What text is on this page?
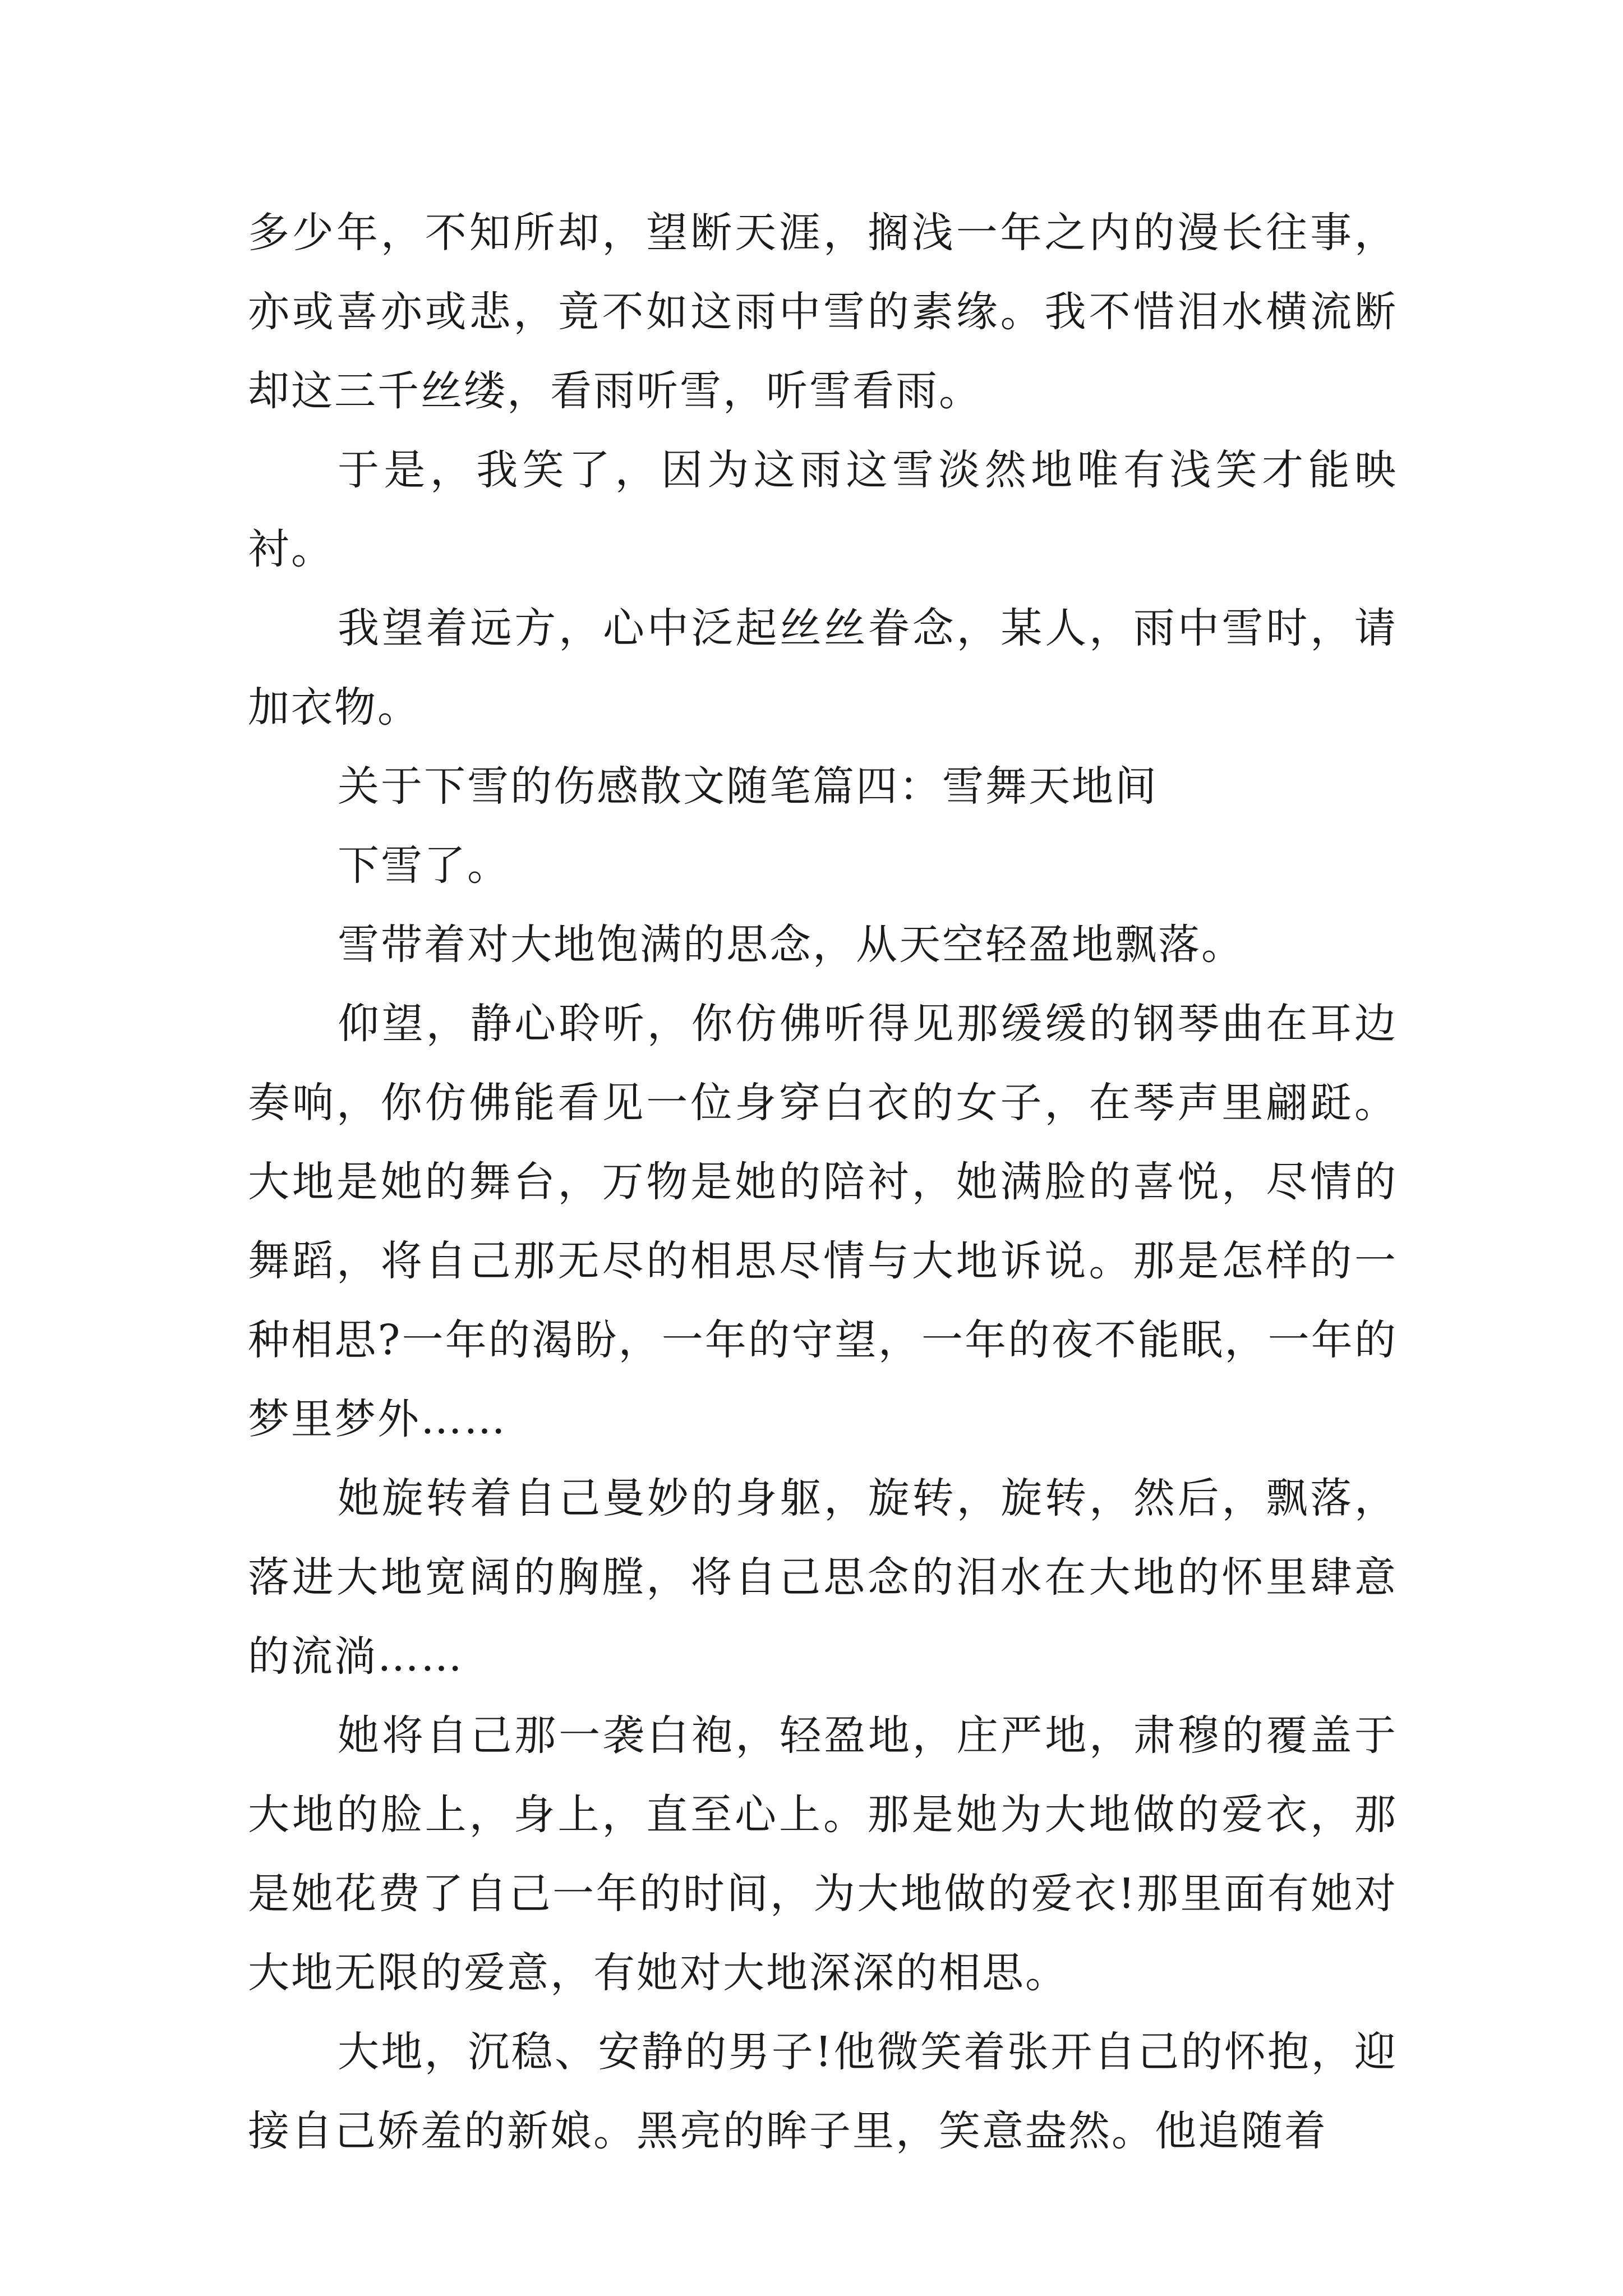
多少年，不知所却，望断天涯，搁浅一年之内的漫长往事，亦或喜亦或悲，竟不如这雨中雪的素缘。我不惜泪水横流断却这三千丝缕，看雨听雪，听雪看雨。

于是，我笑了，因为这雨这雪淡然地唯有浅笑才能映衬。

我望着远方，心中泛起丝丝眷念，某人，雨中雪时，请加衣物。

关于下雪的伤感散文随笔篇四：雪舞天地间

下雪了。

雪带着对大地饱满的思念，从天空轻盈地飘落。

仰望，静心聆听，你仿佛听得见那缓缓的钢琴曲在耳边奏响，你仿佛能看见一位身穿白衣的女子，在琴声里翩跹。大地是她的舞台，万物是她的陪衬，她满脸的喜悦，尽情的舞蹈，将自己那无尽的相思尽情与大地诉说。那是怎样的一种相思?一年的渴盼，一年的守望，一年的夜不能眠，一年的梦里梦外……

她旋转着自己曼妙的身躯，旋转，旋转，然后，飘落，落进大地宽阔的胸膛，将自己思念的泪水在大地的怀里肆意的流淌……

她将自己那一袭白袍，轻盈地，庄严地，肃穆的覆盖于大地的脸上，身上，直至心上。那是她为大地做的爱衣，那是她花费了自己一年的时间，为大地做的爱衣!那里面有她对大地无限的爱意，有她对大地深深的相思。

大地，沉稳、安静的男子!他微笑着张开自己的怀抱，迎接自己娇羞的新娘。黑亮的眸子里，笑意盎然。他追随着
